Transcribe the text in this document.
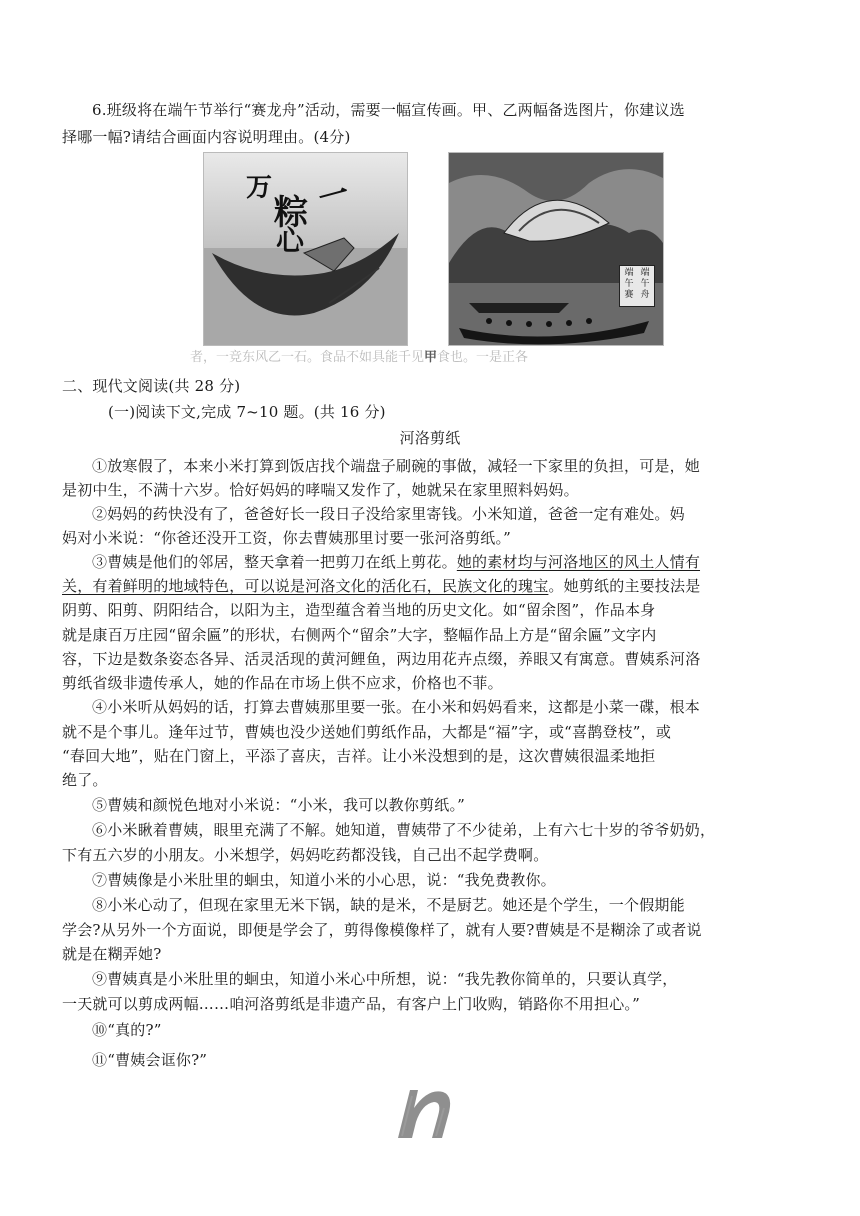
6.班级将在端午节举行“赛龙舟”活动，需要一幅宣传画。甲、乙两幅备选图片，你建议选
择哪一幅?请结合画面内容说明理由。(4分)
万
粽 一
心
端
午
赛
端
午
舟
者，一竞东风乙一石。食品不如具能千见甲食也。一是正各
二、现代文阅读(共 28 分)
(一)阅读下文,完成 7~10 题。(共 16 分)
河洛剪纸
①放寒假了，本来小米打算到饭店找个端盘子刷碗的事做，减轻一下家里的负担，可是，她
是初中生，不满十六岁。恰好妈妈的哮喘又发作了，她就呆在家里照料妈妈。
②妈妈的药快没有了，爸爸好长一段日子没给家里寄钱。小米知道，爸爸一定有难处。妈
妈对小米说：“你爸还没开工资，你去曹姨那里讨要一张河洛剪纸。”
③曹姨是他们的邻居，整天拿着一把剪刀在纸上剪花。她的素材均与河洛地区的风土人情有
关，有着鲜明的地域特色，可以说是河洛文化的活化石，民族文化的瑰宝。她剪纸的主要技法是
阴剪、阳剪、阴阳结合，以阳为主，造型蕴含着当地的历史文化。如“留余图”，作品本身
就是康百万庄园“留余匾”的形状，右侧两个“留余”大字，整幅作品上方是“留余匾”文字内
容，下边是数条姿态各异、活灵活现的黄河鲤鱼，两边用花卉点缀，养眼又有寓意。曹姨系河洛
剪纸省级非遗传承人，她的作品在市场上供不应求，价格也不菲。
④小米听从妈妈的话，打算去曹姨那里要一张。在小米和妈妈看来，这都是小菜一碟，根本
就不是个事儿。逢年过节，曹姨也没少送她们剪纸作品，大都是“福”字，或“喜鹊登枝”，或
“春回大地”，贴在门窗上，平添了喜庆，吉祥。让小米没想到的是，这次曹姨很温柔地拒
绝了。
⑤曹姨和颜悦色地对小米说：“小米，我可以教你剪纸。”
⑥小米瞅着曹姨，眼里充满了不解。她知道，曹姨带了不少徒弟，上有六七十岁的爷爷奶奶，
下有五六岁的小朋友。小米想学，妈妈吃药都没钱，自己出不起学费啊。
⑦曹姨像是小米肚里的蛔虫，知道小米的小心思，说：“我免费教你。
⑧小米心动了，但现在家里无米下锅，缺的是米，不是厨艺。她还是个学生，一个假期能
学会?从另外一个方面说，即便是学会了，剪得像模像样了，就有人要?曹姨是不是糊涂了或者说
就是在糊弄她?
⑨曹姨真是小米肚里的蛔虫，知道小米心中所想，说：“我先教你简单的，只要认真学，
一天就可以剪成两幅……咱河洛剪纸是非遗产品，有客户上门收购，销路你不用担心。”
⑩“真的?”
⑪“曹姨会诓你?”
